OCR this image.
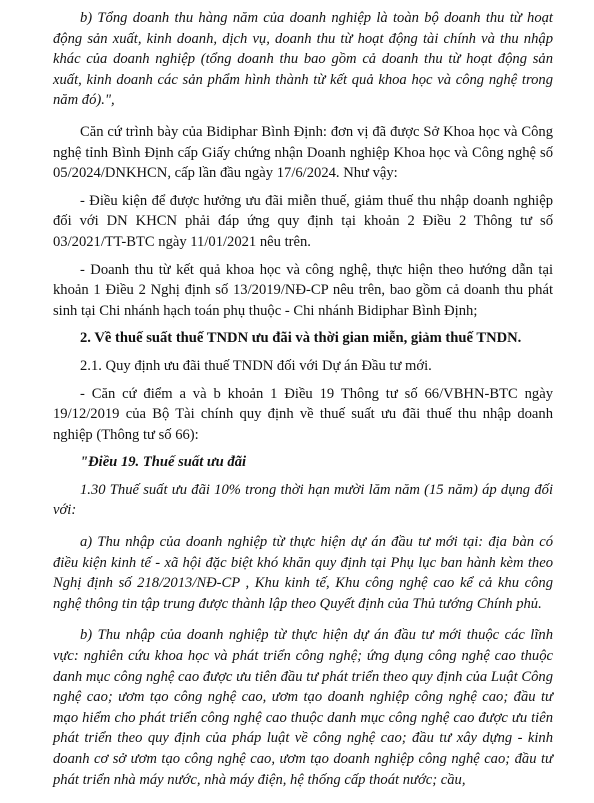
b) Tổng doanh thu hàng năm của doanh nghiệp là toàn bộ doanh thu từ hoạt động sản xuất, kinh doanh, dịch vụ, doanh thu từ hoạt động tài chính và thu nhập khác của doanh nghiệp (tổng doanh thu bao gồm cả doanh thu từ hoạt động sản xuất, kinh doanh các sản phẩm hình thành từ kết quả khoa học và công nghệ trong năm đó).",

Căn cứ trình bày của Bidiphar Bình Định: đơn vị đã được Sở Khoa học và Công nghệ tỉnh Bình Định cấp Giấy chứng nhận Doanh nghiệp Khoa học và Công nghệ số 05/2024/DNKHCN, cấp lần đầu ngày 17/6/2024. Như vậy:

- Điều kiện để được hưởng ưu đãi miễn thuế, giảm thuế thu nhập doanh nghiệp đối với DN KHCN phải đáp ứng quy định tại khoản 2 Điều 2 Thông tư số 03/2021/TT-BTC ngày 11/01/2021 nêu trên.

- Doanh thu từ kết quả khoa học và công nghệ, thực hiện theo hướng dẫn tại khoản 1 Điều 2 Nghị định số 13/2019/NĐ-CP nêu trên, bao gồm cả doanh thu phát sinh tại Chi nhánh hạch toán phụ thuộc - Chi nhánh Bidiphar Bình Định;

2. Về thuế suất thuế TNDN ưu đãi và thời gian miễn, giảm thuế TNDN.

2.1. Quy định ưu đãi thuế TNDN đối với Dự án Đầu tư mới.

- Căn cứ điểm a và b khoản 1 Điều 19 Thông tư số 66/VBHN-BTC ngày 19/12/2019 của Bộ Tài chính quy định về thuế suất ưu đãi thuế thu nhập doanh nghiệp (Thông tư số 66):

"Điều 19. Thuế suất ưu đãi

1.30 Thuế suất ưu đãi 10% trong thời hạn mười lăm năm (15 năm) áp dụng đối với:

a) Thu nhập của doanh nghiệp từ thực hiện dự án đầu tư mới tại: địa bàn có điều kiện kinh tế - xã hội đặc biệt khó khăn quy định tại Phụ lục ban hành kèm theo Nghị định số 218/2013/NĐ-CP , Khu kinh tế, Khu công nghệ cao kể cả khu công nghệ thông tin tập trung được thành lập theo Quyết định của Thủ tướng Chính phủ.

b) Thu nhập của doanh nghiệp từ thực hiện dự án đầu tư mới thuộc các lĩnh vực: nghiên cứu khoa học và phát triển công nghệ; ứng dụng công nghệ cao thuộc danh mục công nghệ cao được ưu tiên đầu tư phát triển theo quy định của Luật Công nghệ cao; ươm tạo công nghệ cao, ươm tạo doanh nghiệp công nghệ cao; đầu tư mạo hiểm cho phát triển công nghệ cao thuộc danh mục công nghệ cao được ưu tiên phát triển theo quy định của pháp luật về công nghệ cao; đầu tư xây dựng - kinh doanh cơ sở ươm tạo công nghệ cao, ươm tạo doanh nghiệp công nghệ cao; đầu tư phát triển nhà máy nước, nhà máy điện, hệ thống cấp thoát nước; cầu,
